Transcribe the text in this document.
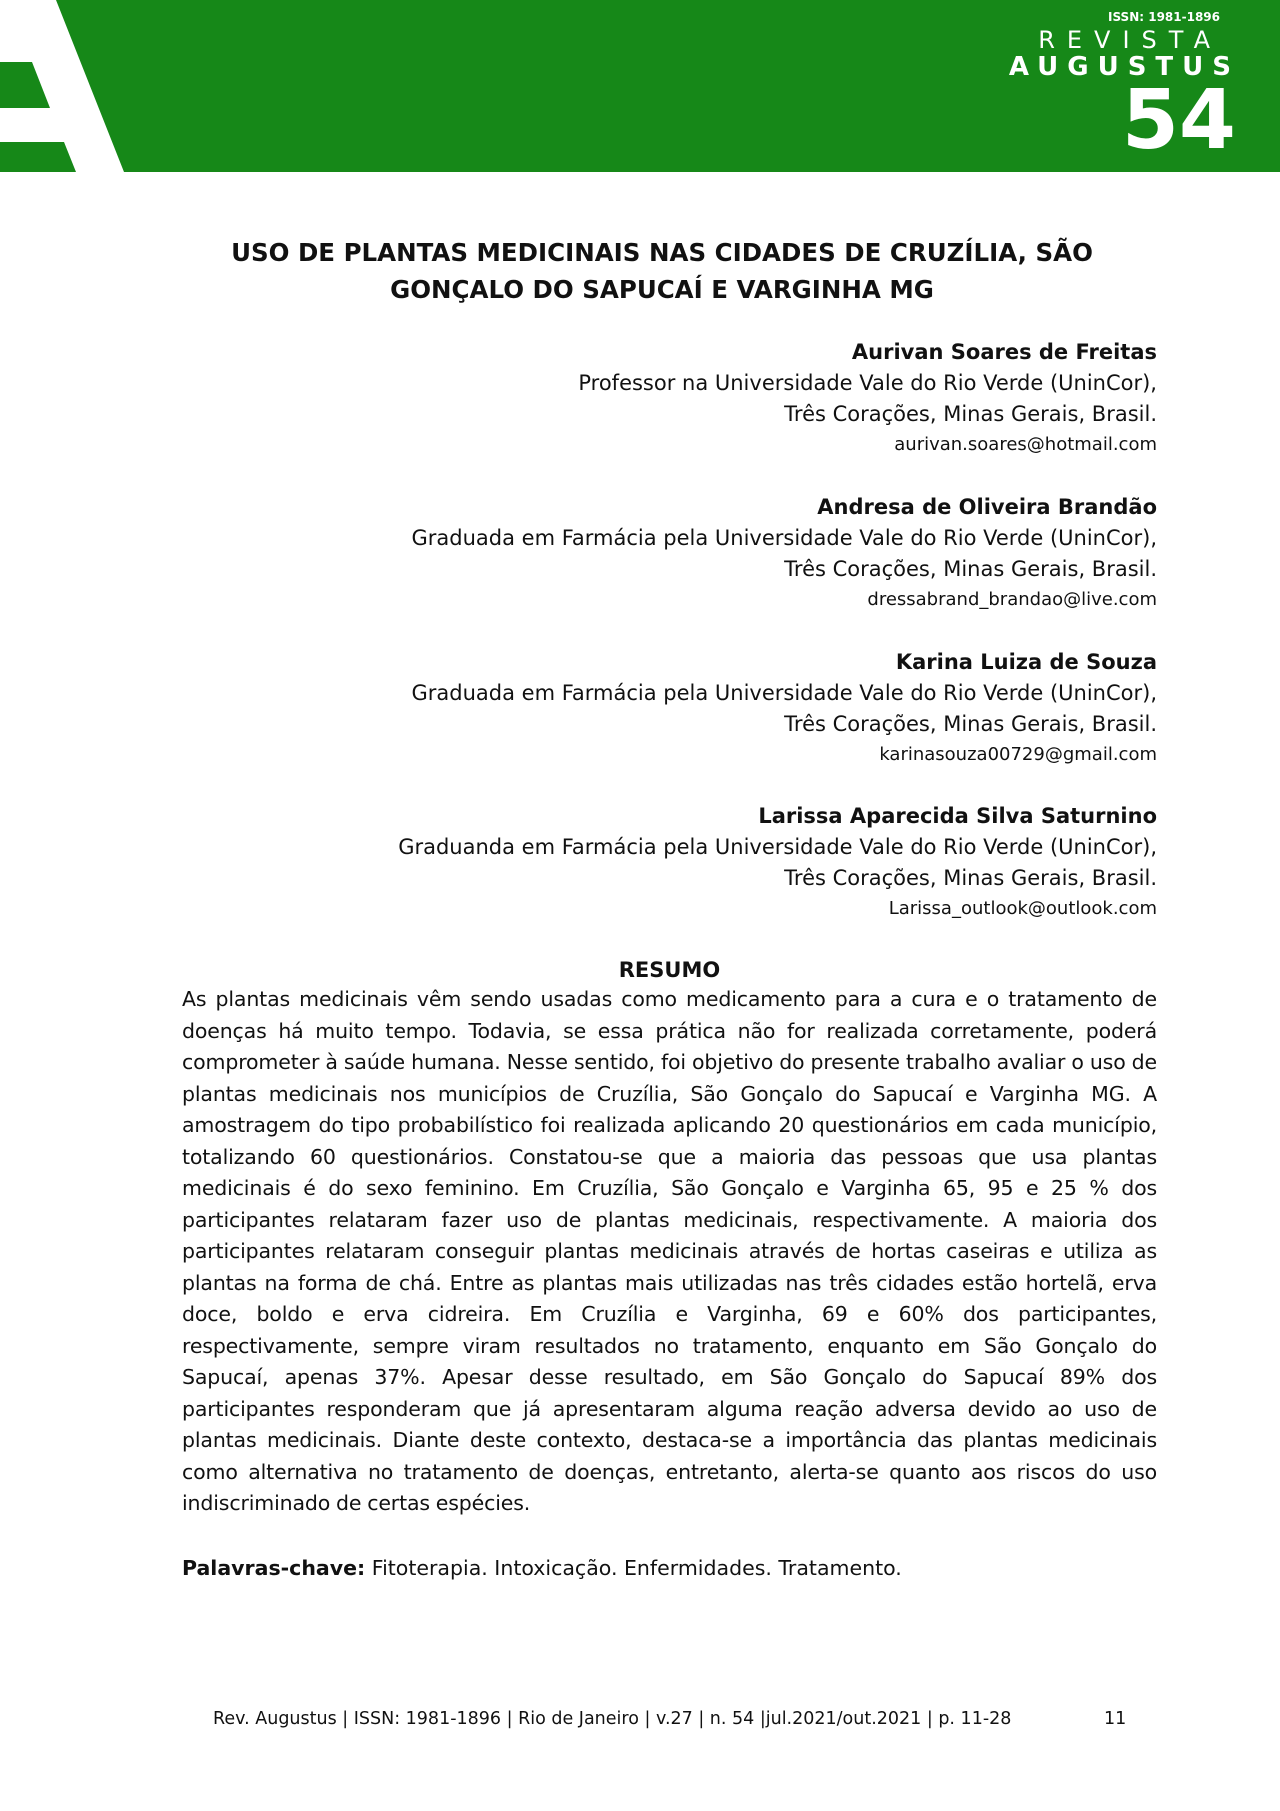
ISSN: 1981-1896
REVISTA
AUGUSTUS
54
USO DE PLANTAS MEDICINAIS NAS CIDADES DE CRUZÍLIA, SÃO GONÇALO DO SAPUCAÍ E VARGINHA MG
Aurivan Soares de Freitas
Professor na Universidade Vale do Rio Verde (UninCor),
Três Corações, Minas Gerais, Brasil.
aurivan.soares@hotmail.com
Andresa de Oliveira Brandão
Graduada em Farmácia pela Universidade Vale do Rio Verde (UninCor),
Três Corações, Minas Gerais, Brasil.
dressabrand_brandao@live.com
Karina Luiza de Souza
Graduada em Farmácia pela Universidade Vale do Rio Verde (UninCor),
Três Corações, Minas Gerais, Brasil.
karinasouza00729@gmail.com
Larissa Aparecida Silva Saturnino
Graduanda em Farmácia pela Universidade Vale do Rio Verde (UninCor),
Três Corações, Minas Gerais, Brasil.
Larissa_outlook@outlook.com
RESUMO

As plantas medicinais vêm sendo usadas como medicamento para a cura e o tratamento de doenças há muito tempo. Todavia, se essa prática não for realizada corretamente, poderá comprometer à saúde humana. Nesse sentido, foi objetivo do presente trabalho avaliar o uso de plantas medicinais nos municípios de Cruzília, São Gonçalo do Sapucaí e Varginha MG. A amostragem do tipo probabilístico foi realizada aplicando 20 questionários em cada município, totalizando 60 questionários. Constatou-se que a maioria das pessoas que usa plantas medicinais é do sexo feminino. Em Cruzília, São Gonçalo e Varginha 65, 95 e 25 % dos participantes relataram fazer uso de plantas medicinais, respectivamente. A maioria dos participantes relataram conseguir plantas medicinais através de hortas caseiras e utiliza as plantas na forma de chá. Entre as plantas mais utilizadas nas três cidades estão hortelã, erva doce, boldo e erva cidreira. Em Cruzília e Varginha, 69 e 60% dos participantes, respectivamente, sempre viram resultados no tratamento, enquanto em São Gonçalo do Sapucaí, apenas 37%. Apesar desse resultado, em São Gonçalo do Sapucaí 89% dos participantes responderam que já apresentaram alguma reação adversa devido ao uso de plantas medicinais. Diante deste contexto, destaca-se a importância das plantas medicinais como alternativa no tratamento de doenças, entretanto, alerta-se quanto aos riscos do uso indiscriminado de certas espécies.

Palavras-chave: Fitoterapia. Intoxicação. Enfermidades. Tratamento.
Rev. Augustus | ISSN: 1981-1896 | Rio de Janeiro | v.27 | n. 54 |jul.2021/out.2021 | p. 11-28	11
